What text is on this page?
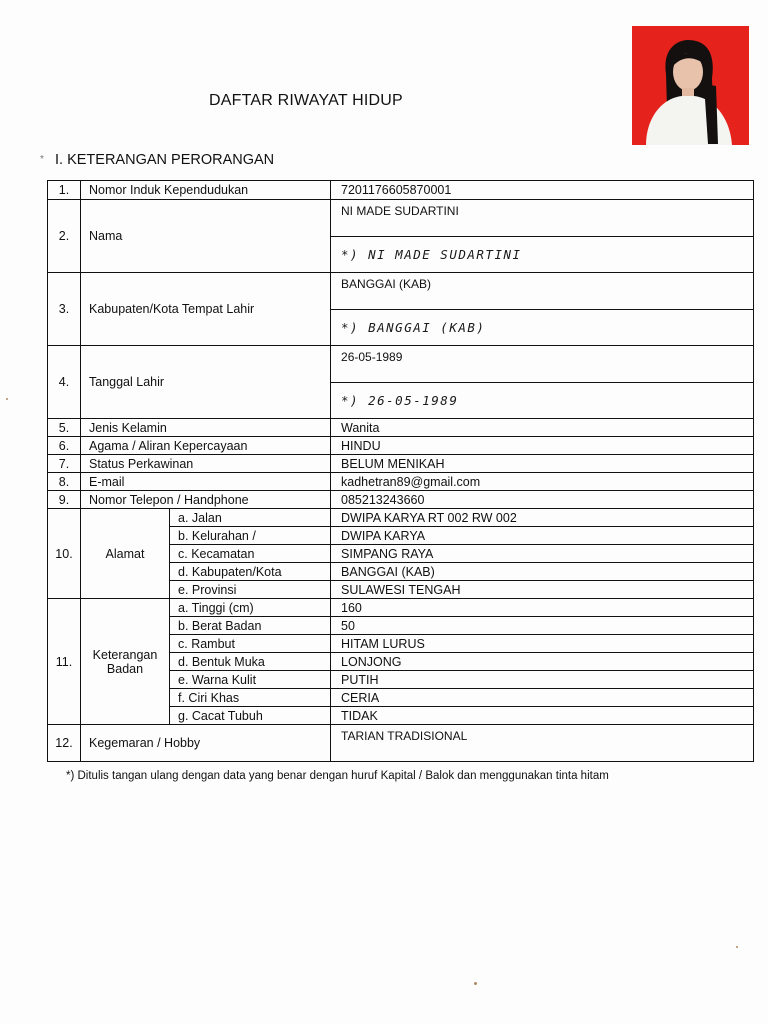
DAFTAR RIWAYAT HIDUP
* I. KETERANGAN PERORANGAN
1.	Nomor Induk Kependudukan		7201176605870001
2.	Nama		NI MADE SUDARTINI
			*) NI MADE SUDARTINI
3.	Kabupaten/Kota Tempat Lahir		BANGGAI (KAB)
			*) BANGGAI (KAB)
4.	Tanggal Lahir		26-05-1989
			*) 26-05-1989
5.	Jenis Kelamin		Wanita
6.	Agama / Aliran Kepercayaan		HINDU
7.	Status Perkawinan		BELUM MENIKAH
8.	E-mail		kadhetran89@gmail.com
9.	Nomor Telepon / Handphone		085213243660
10.	Alamat	a. Jalan	DWIPA KARYA RT 002 RW 002
		b. Kelurahan /	DWIPA KARYA
		c. Kecamatan	SIMPANG RAYA
		d. Kabupaten/Kota	BANGGAI (KAB)
		e. Provinsi	SULAWESI TENGAH
11.	Keterangan Badan	a. Tinggi (cm)	160
		b. Berat Badan	50
		c. Rambut	HITAM LURUS
		d. Bentuk Muka	LONJONG
		e. Warna Kulit	PUTIH
		f. Ciri Khas	CERIA
		g. Cacat Tubuh	TIDAK
12.	Kegemaran / Hobby		TARIAN TRADISIONAL
*) Ditulis tangan ulang dengan data yang benar dengan huruf Kapital / Balok dan menggunakan tinta hitam
